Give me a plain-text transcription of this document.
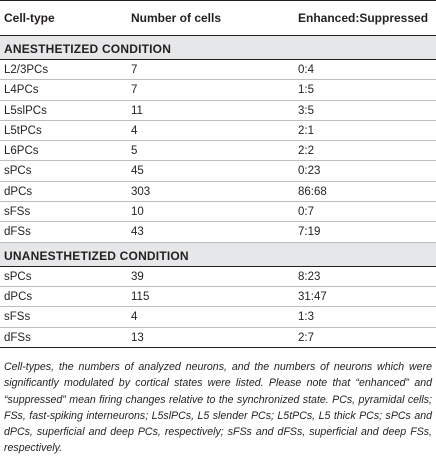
Cell-type	Number of cells	Enhanced:Suppressed
ANESTHETIZED CONDITION
L2/3PCs	7	0:4
L4PCs	7	1:5
L5slPCs	11	3:5
L5tPCs	4	2:1
L6PCs	5	2:2
sPCs	45	0:23
dPCs	303	86:68
sFSs	10	0:7
dFSs	43	7:19
UNANESTHETIZED CONDITION
sPCs	39	8:23
dPCs	115	31:47
sFSs	4	1:3
dFSs	13	2:7
Cell-types, the numbers of analyzed neurons, and the numbers of neurons which were significantly modulated by cortical states were listed. Please note that “enhanced” and “suppressed” mean firing changes relative to the synchronized state. PCs, pyramidal cells; FSs, fast-spiking interneurons; L5slPCs, L5 slender PCs; L5tPCs, L5 thick PCs; sPCs and dPCs, superficial and deep PCs, respectively; sFSs and dFSs, superficial and deep FSs, respectively.
